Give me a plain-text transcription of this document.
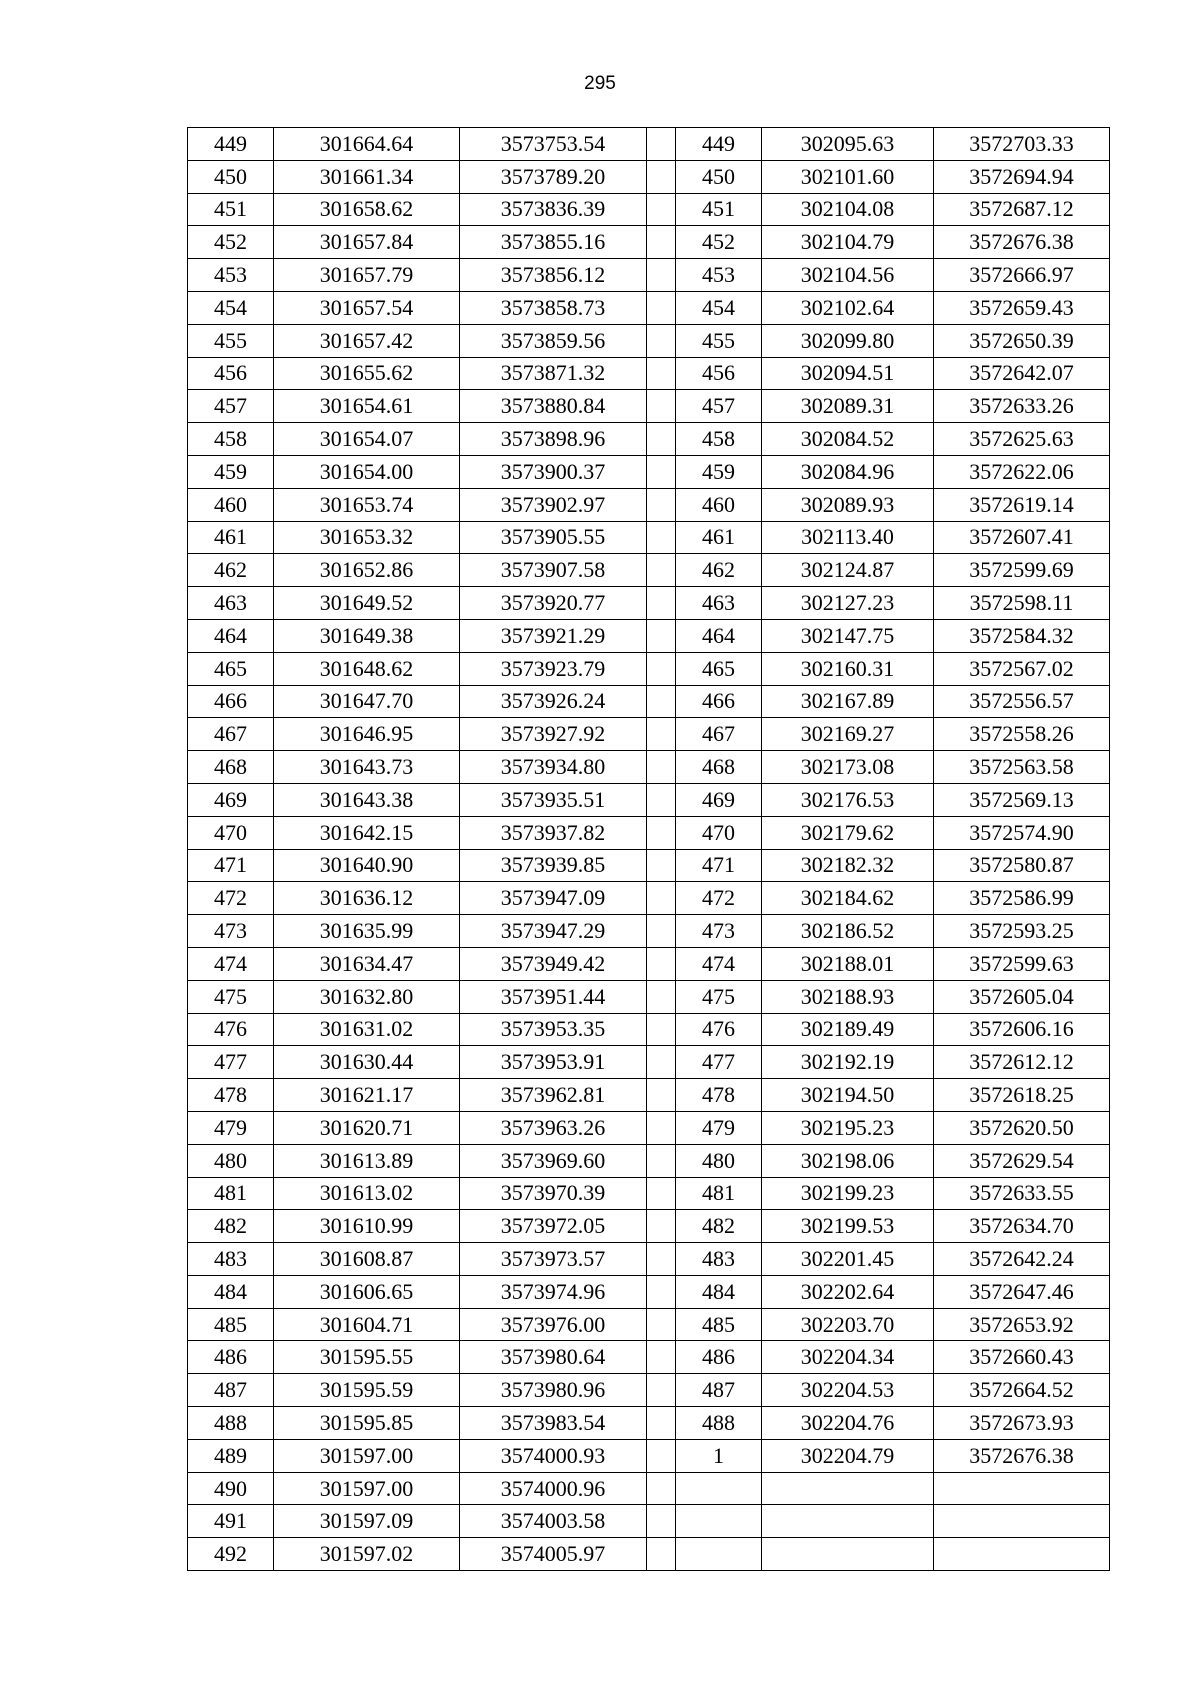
295
449	301664.64	3573753.54		449	302095.63	3572703.33
450	301661.34	3573789.20		450	302101.60	3572694.94
451	301658.62	3573836.39		451	302104.08	3572687.12
452	301657.84	3573855.16		452	302104.79	3572676.38
453	301657.79	3573856.12		453	302104.56	3572666.97
454	301657.54	3573858.73		454	302102.64	3572659.43
455	301657.42	3573859.56		455	302099.80	3572650.39
456	301655.62	3573871.32		456	302094.51	3572642.07
457	301654.61	3573880.84		457	302089.31	3572633.26
458	301654.07	3573898.96		458	302084.52	3572625.63
459	301654.00	3573900.37		459	302084.96	3572622.06
460	301653.74	3573902.97		460	302089.93	3572619.14
461	301653.32	3573905.55		461	302113.40	3572607.41
462	301652.86	3573907.58		462	302124.87	3572599.69
463	301649.52	3573920.77		463	302127.23	3572598.11
464	301649.38	3573921.29		464	302147.75	3572584.32
465	301648.62	3573923.79		465	302160.31	3572567.02
466	301647.70	3573926.24		466	302167.89	3572556.57
467	301646.95	3573927.92		467	302169.27	3572558.26
468	301643.73	3573934.80		468	302173.08	3572563.58
469	301643.38	3573935.51		469	302176.53	3572569.13
470	301642.15	3573937.82		470	302179.62	3572574.90
471	301640.90	3573939.85		471	302182.32	3572580.87
472	301636.12	3573947.09		472	302184.62	3572586.99
473	301635.99	3573947.29		473	302186.52	3572593.25
474	301634.47	3573949.42		474	302188.01	3572599.63
475	301632.80	3573951.44		475	302188.93	3572605.04
476	301631.02	3573953.35		476	302189.49	3572606.16
477	301630.44	3573953.91		477	302192.19	3572612.12
478	301621.17	3573962.81		478	302194.50	3572618.25
479	301620.71	3573963.26		479	302195.23	3572620.50
480	301613.89	3573969.60		480	302198.06	3572629.54
481	301613.02	3573970.39		481	302199.23	3572633.55
482	301610.99	3573972.05		482	302199.53	3572634.70
483	301608.87	3573973.57		483	302201.45	3572642.24
484	301606.65	3573974.96		484	302202.64	3572647.46
485	301604.71	3573976.00		485	302203.70	3572653.92
486	301595.55	3573980.64		486	302204.34	3572660.43
487	301595.59	3573980.96		487	302204.53	3572664.52
488	301595.85	3573983.54		488	302204.76	3572673.93
489	301597.00	3574000.93		1	302204.79	3572676.38
490	301597.00	3574000.96				
491	301597.09	3574003.58				
492	301597.02	3574005.97				
